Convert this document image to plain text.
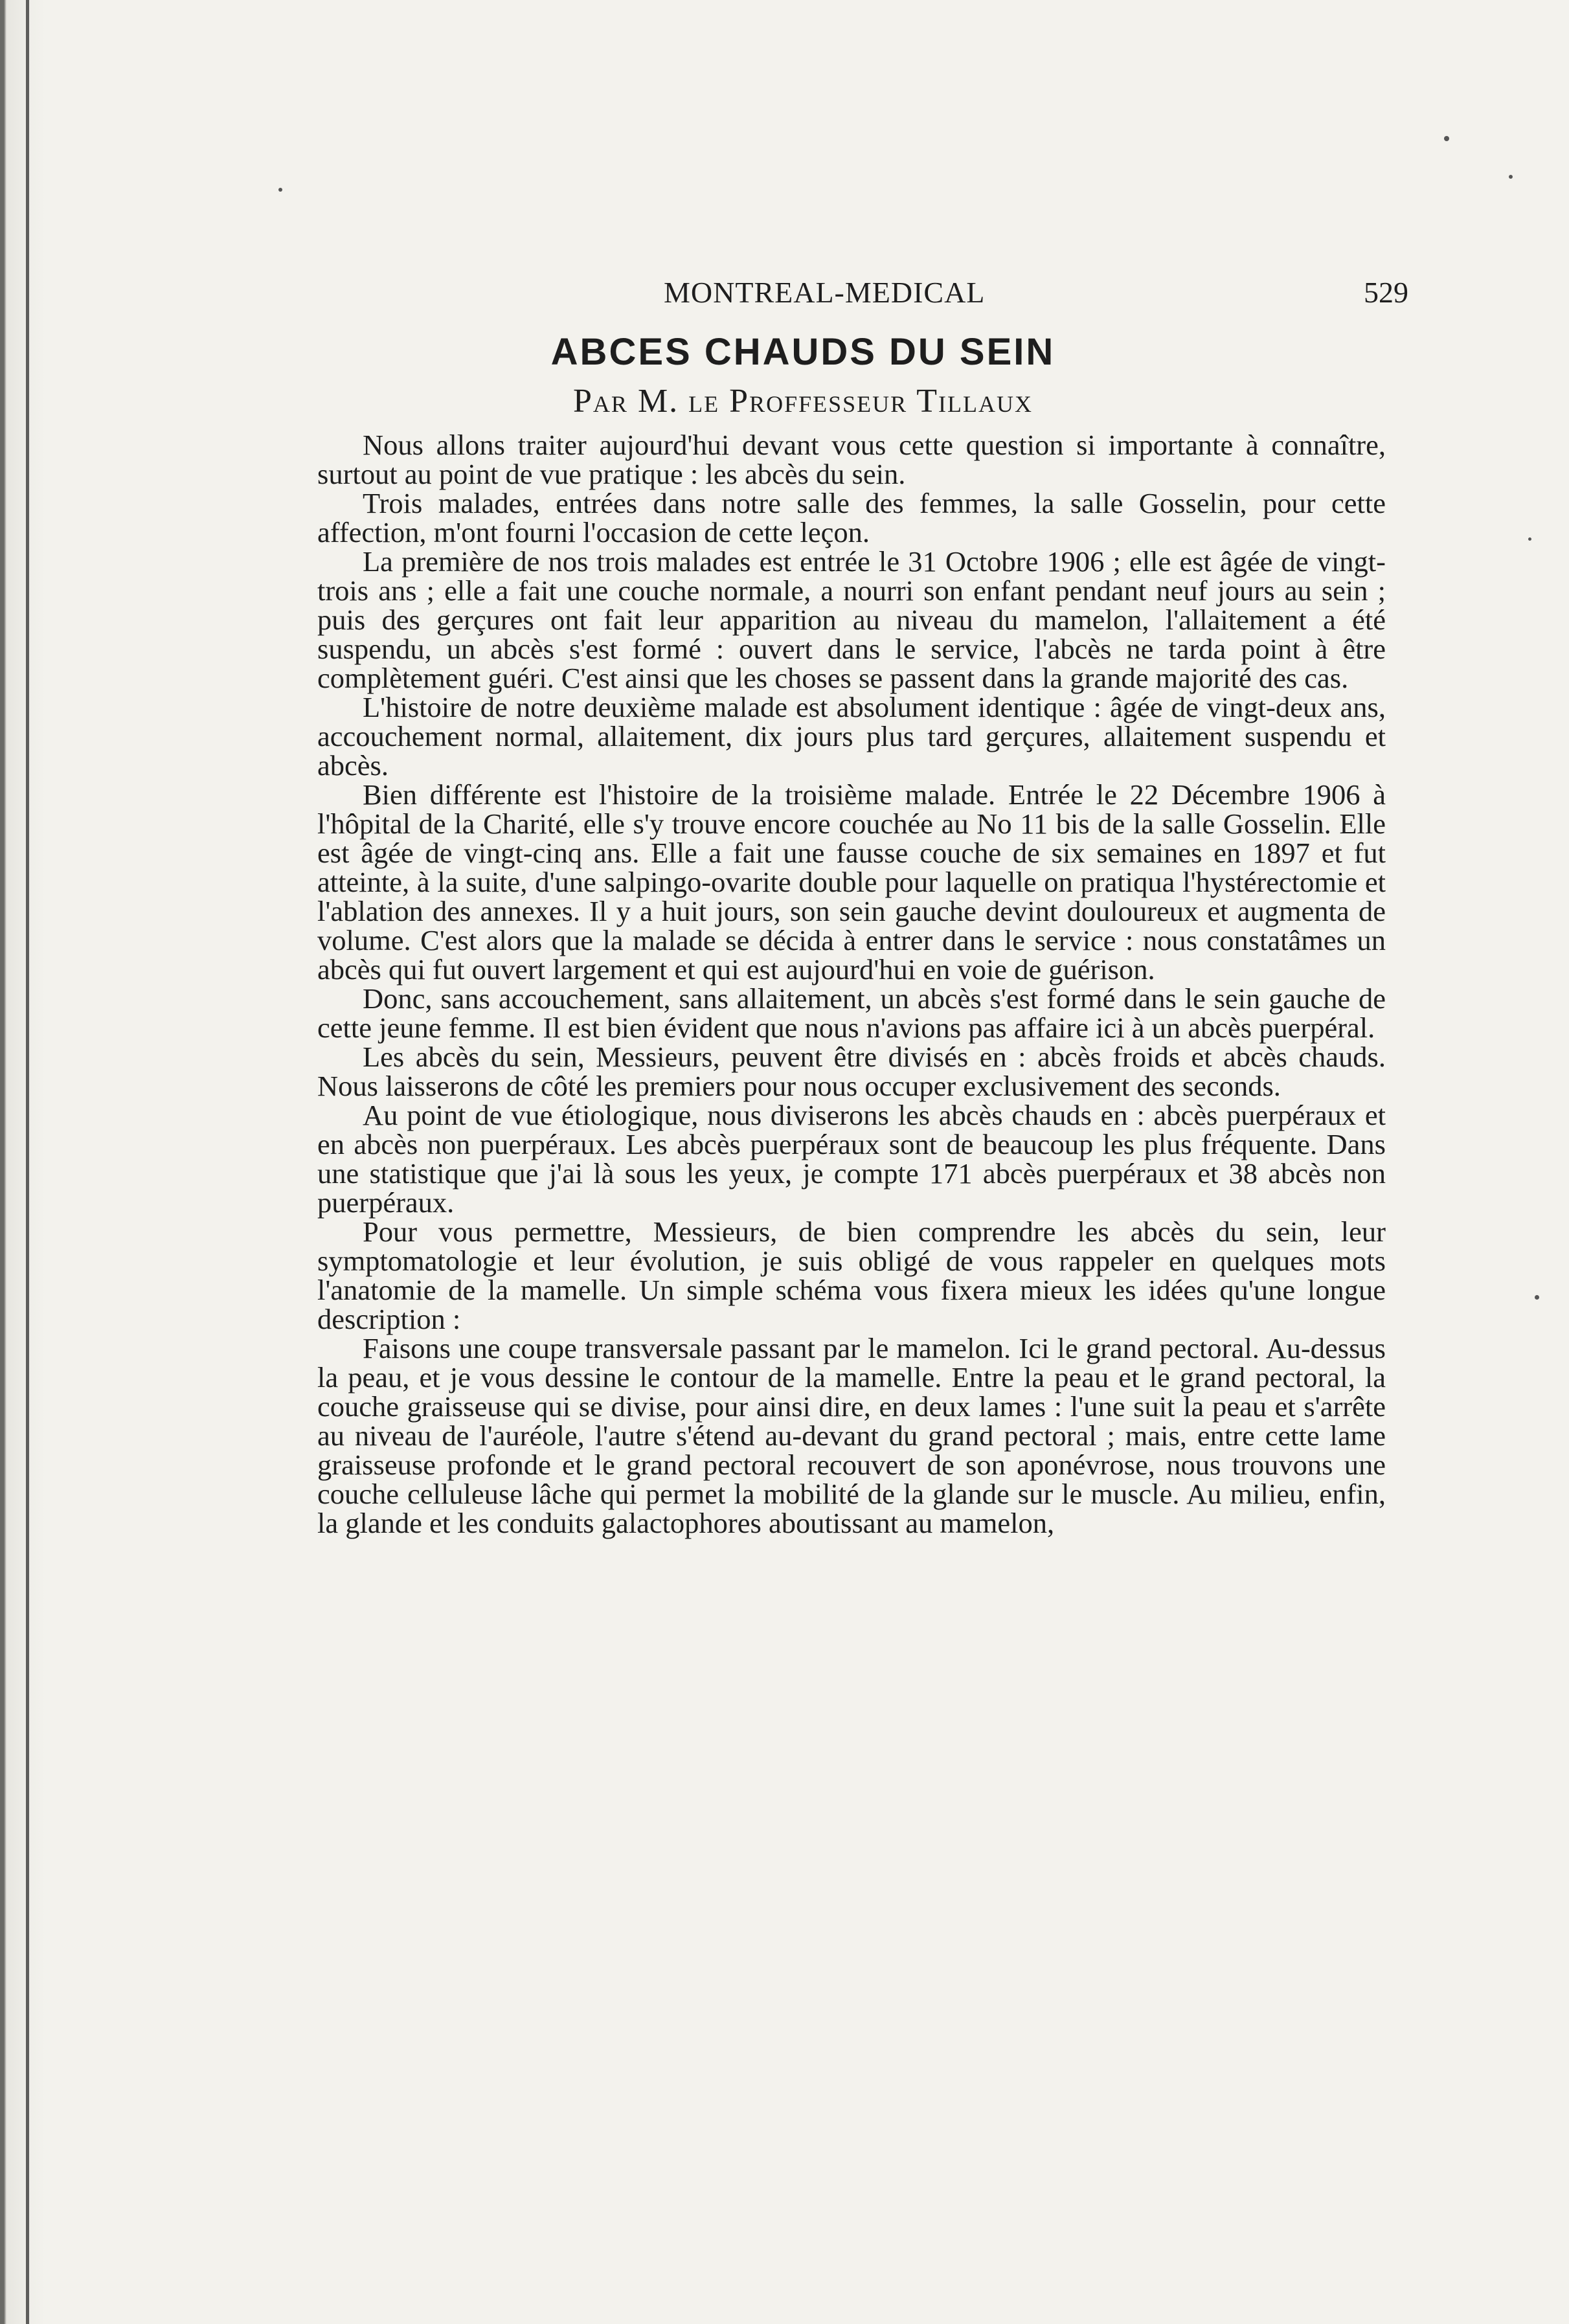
MONTREAL-MEDICAL	529
ABCES CHAUDS DU SEIN
Par M. le Proffesseur Tillaux

Nous allons traiter aujourd'hui devant vous cette question si importante à connaître, surtout au point de vue pratique : les abcès du sein.

Trois malades, entrées dans notre salle des femmes, la salle Gosselin, pour cette affection, m'ont fourni l'occasion de cette leçon.

La première de nos trois malades est entrée le 31 Octobre 1906 ; elle est âgée de vingt-trois ans ; elle a fait une couche normale, a nourri son enfant pendant neuf jours au sein ; puis des gerçures ont fait leur apparition au niveau du mamelon, l'allaitement a été suspendu, un abcès s'est formé : ouvert dans le service, l'abcès ne tarda point à être complètement guéri. C'est ainsi que les choses se passent dans la grande majorité des cas.

L'histoire de notre deuxième malade est absolument identique : âgée de vingt-deux ans, accouchement normal, allaitement, dix jours plus tard gerçures, allaitement suspendu et abcès.

Bien différente est l'histoire de la troisième malade. Entrée le 22 Décembre 1906 à l'hôpital de la Charité, elle s'y trouve encore couchée au No 11 bis de la salle Gosselin. Elle est âgée de vingt-cinq ans. Elle a fait une fausse couche de six semaines en 1897 et fut atteinte, à la suite, d'une salpingo-ovarite double pour laquelle on pratiqua l'hystérectomie et l'ablation des annexes. Il y a huit jours, son sein gauche devint douloureux et augmenta de volume. C'est alors que la malade se décida à entrer dans le service : nous constatâmes un abcès qui fut ouvert largement et qui est aujourd'hui en voie de guérison.

Donc, sans accouchement, sans allaitement, un abcès s'est formé dans le sein gauche de cette jeune femme. Il est bien évident que nous n'avions pas affaire ici à un abcès puerpéral.

Les abcès du sein, Messieurs, peuvent être divisés en : abcès froids et abcès chauds. Nous laisserons de côté les premiers pour nous occuper exclusivement des seconds.

Au point de vue étiologique, nous diviserons les abcès chauds en : abcès puerpéraux et en abcès non puerpéraux. Les abcès puerpéraux sont de beaucoup les plus fréquente. Dans une statistique que j'ai là sous les yeux, je compte 171 abcès puerpéraux et 38 abcès non puerpéraux.

Pour vous permettre, Messieurs, de bien comprendre les abcès du sein, leur symptomatologie et leur évolution, je suis obligé de vous rappeler en quelques mots l'anatomie de la mamelle. Un simple schéma vous fixera mieux les idées qu'une longue description :

Faisons une coupe transversale passant par le mamelon. Ici le grand pectoral. Au-dessus la peau, et je vous dessine le contour de la mamelle. Entre la peau et le grand pectoral, la couche graisseuse qui se divise, pour ainsi dire, en deux lames : l'une suit la peau et s'arrête au niveau de l'auréole, l'autre s'étend au-devant du grand pectoral ; mais, entre cette lame graisseuse profonde et le grand pectoral recouvert de son aponévrose, nous trouvons une couche celluleuse lâche qui permet la mobilité de la glande sur le muscle. Au milieu, enfin, la glande et les conduits galactophores aboutissant au mamelon,
